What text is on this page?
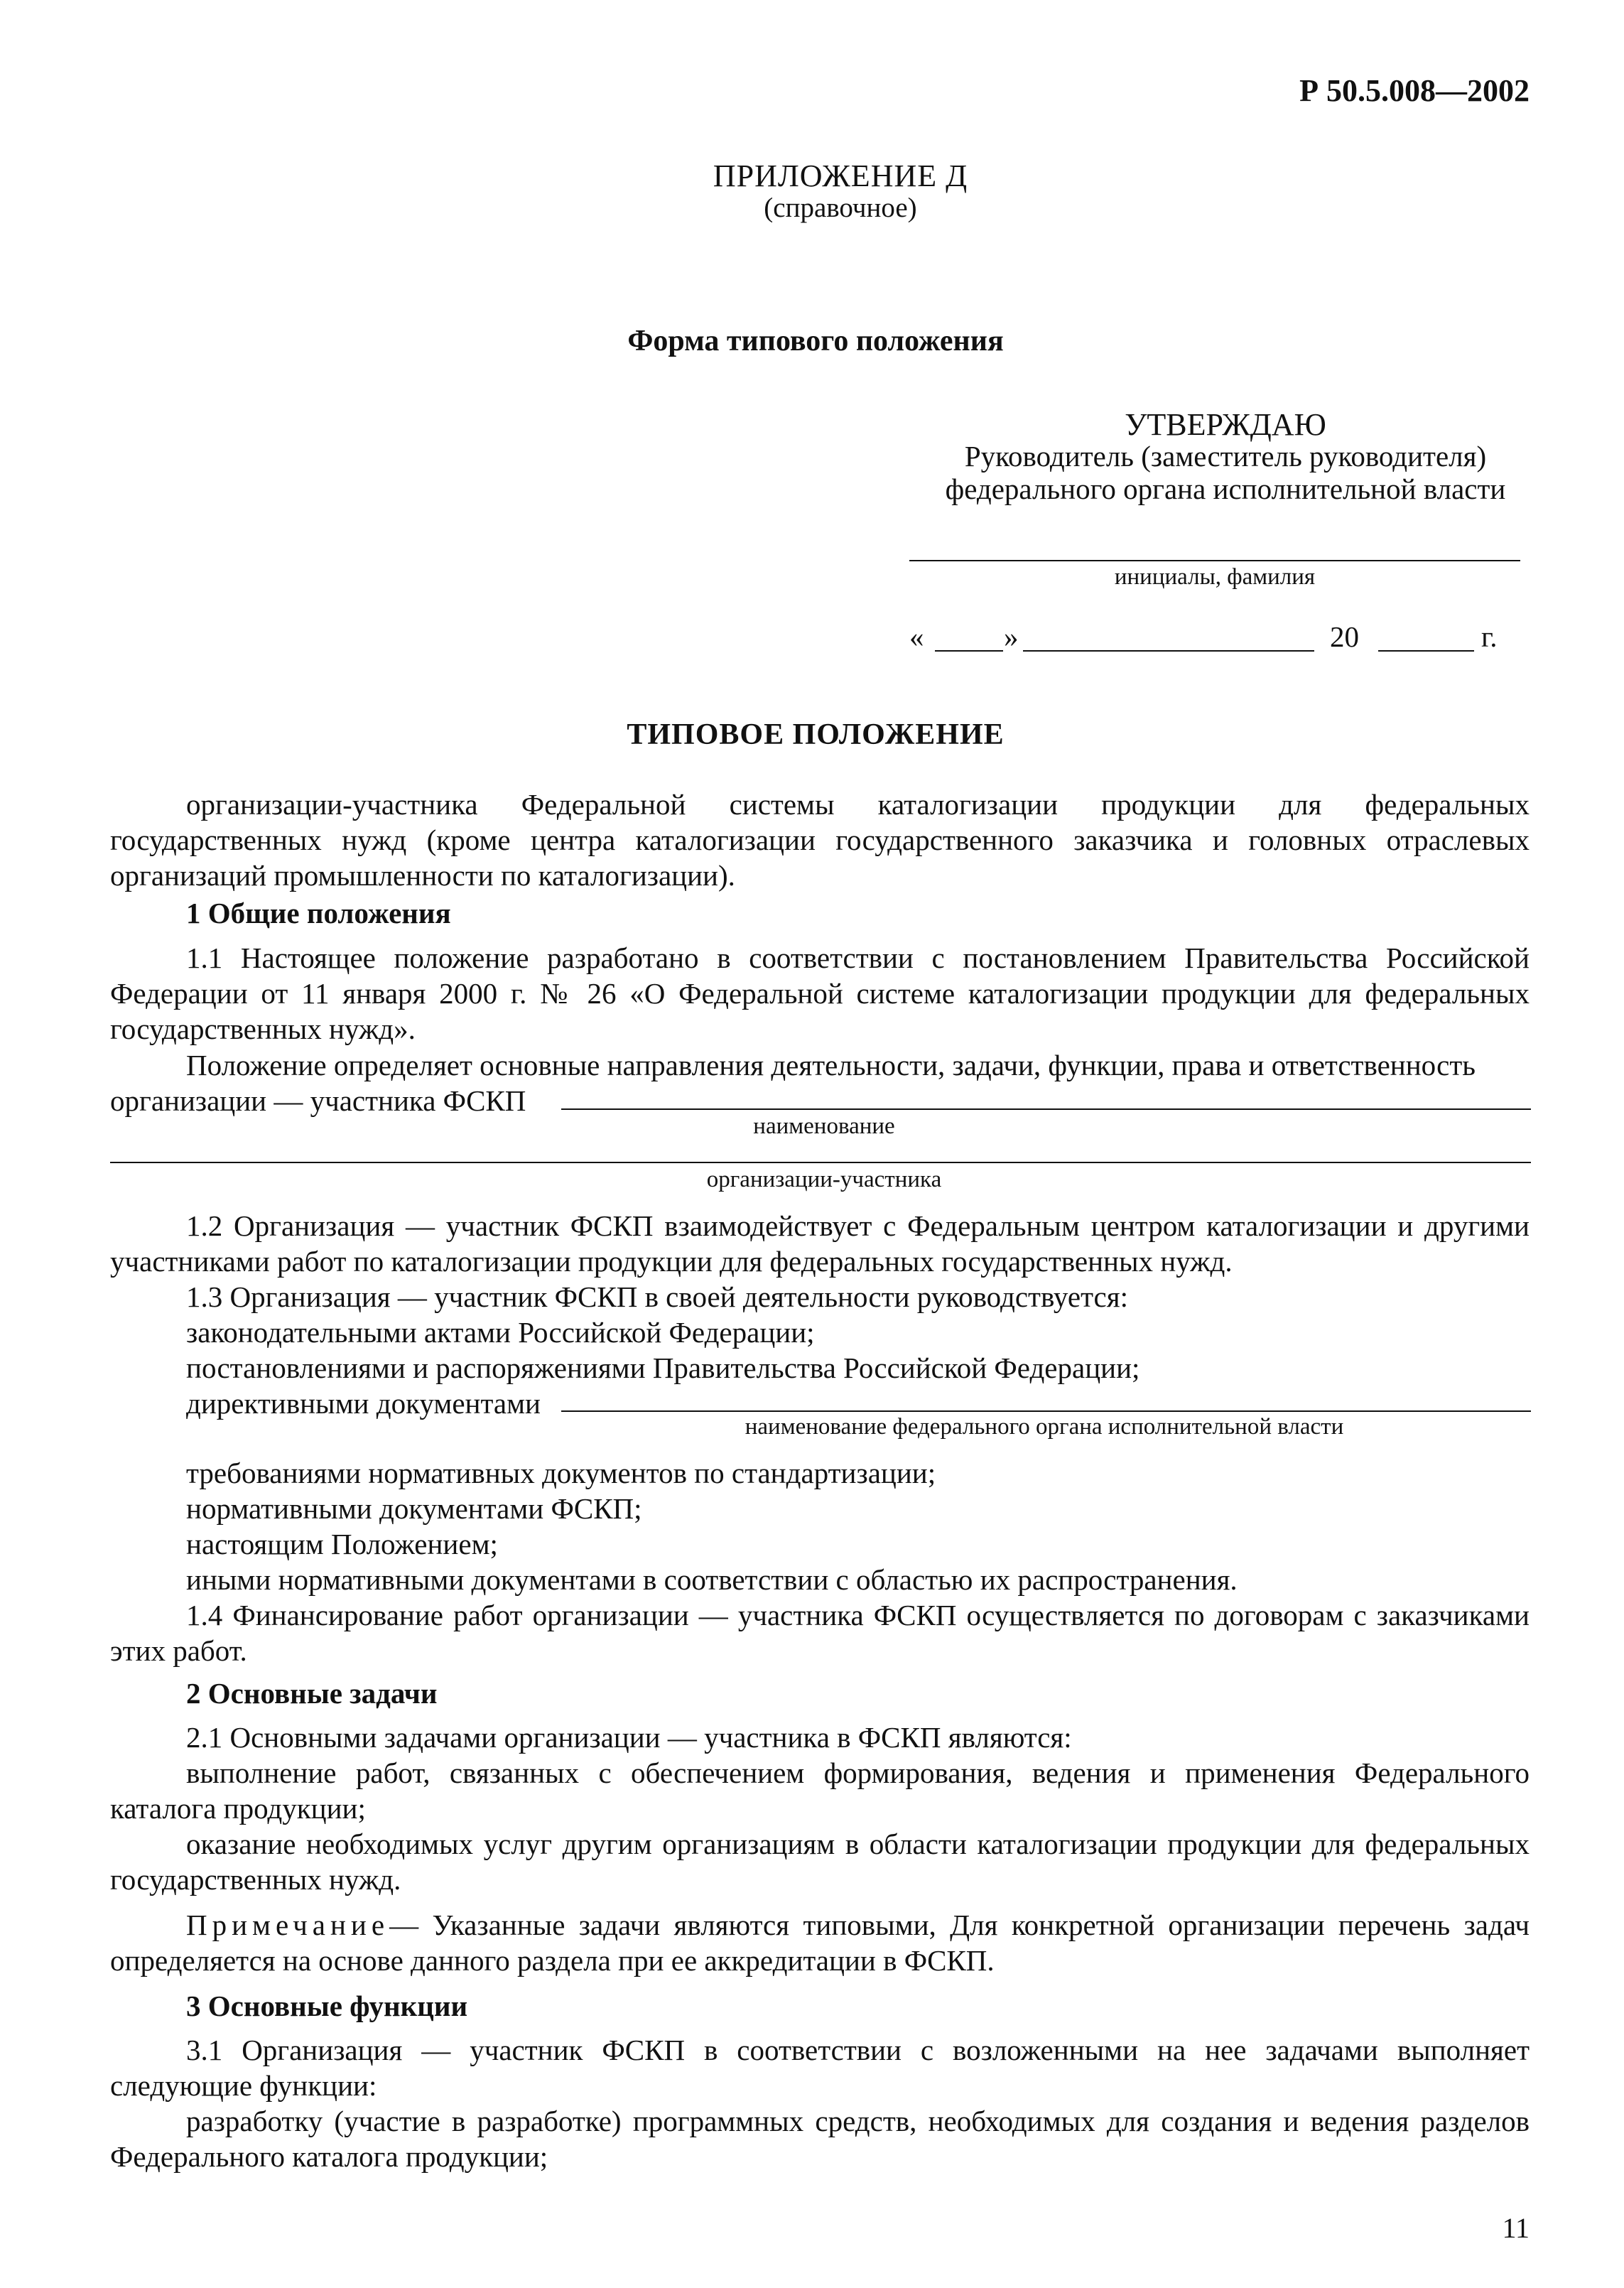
Р 50.5.008—2002
ПРИЛОЖЕНИЕ Д
(справочное)
Форма типового положения
УТВЕРЖДАЮ
Руководитель (заместитель руководителя)
федерального органа исполнительной власти
инициалы, фамилия
«	»	20	г.
ТИПОВОЕ ПОЛОЖЕНИЕ
организации-участника Федеральной системы каталогизации продукции для федеральных государственных нужд (кроме центра каталогизации государственного заказчика и головных отраслевых организаций промышленности по каталогизации).
1 Общие положения
1.1 Настоящее положение разработано в соответствии с постановлением Правительства Российской Федерации от 11 января 2000 г. № 26 «О Федеральной системе каталогизации продукции для федеральных государственных нужд».
Положение определяет основные направления деятельности, задачи, функции, права и ответственность
организации — участника ФСКП
наименование
организации-участника
1.2 Организация — участник ФСКП взаимодействует с Федеральным центром каталогизации и другими участниками работ по каталогизации продукции для федеральных государственных нужд.
1.3 Организация — участник ФСКП в своей деятельности руководствуется:
законодательными актами Российской Федерации;
постановлениями и распоряжениями Правительства Российской Федерации;
директивными документами
наименование федерального органа исполнительной власти
требованиями нормативных документов по стандартизации;
нормативными документами ФСКП;
настоящим Положением;
иными нормативными документами в соответствии с областью их распространения.
1.4 Финансирование работ организации — участника ФСКП осуществляется по договорам с заказчиками этих работ.
2 Основные задачи
2.1 Основными задачами организации — участника в ФСКП являются:
выполнение работ, связанных с обеспечением формирования, ведения и применения Федерального каталога продукции;
оказание необходимых услуг другим организациям в области каталогизации продукции для федеральных государственных нужд.
Примечание— Указанные задачи являются типовыми, Для конкретной организации перечень задач определяется на основе данного раздела при ее аккредитации в ФСКП.
3 Основные функции
3.1 Организация — участник ФСКП в соответствии с возложенными на нее задачами выполняет следующие функции:
разработку (участие в разработке) программных средств, необходимых для создания и ведения разделов Федерального каталога продукции;
11
